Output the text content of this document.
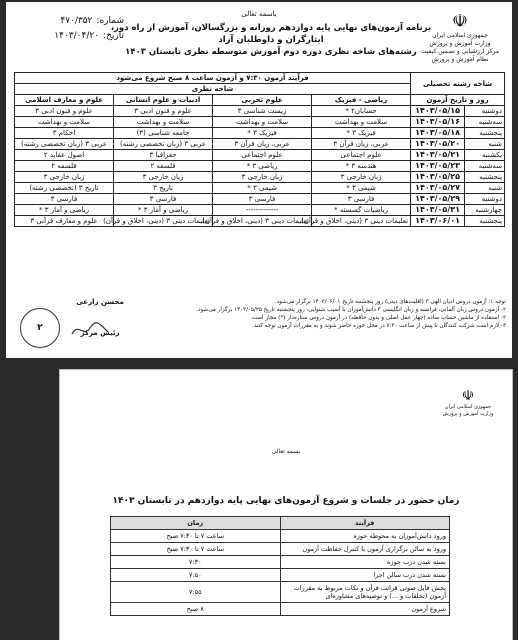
باسمه تعالی	☫
جمهوری اسلامی ایران
وزارت آموزش و پرورش
مرکز ارزشیابی و تضمین کیفیت نظام آموزش و پرورش
شماره:
۴۷۰/۳۵۲
تاریخ:
۱۴۰۳/۰۴/۲۰
برنامه آزمون‌های نهایی پایه دوازدهم روزانه و بزرگسالان، آموزش از راه دور، ایثارگران و داوطلبان آزاد
رشته‌های شاخه نظری دوره دوم آموزش متوسطه نظری تابستان ۱۴۰۳
شاخه رشته تحصیلی		فرآیند آزمون ۷:۳۰ و آزمون ساعت ۸ صبح شروع می‌شود			
		شاخه نظری			
روز و تاریخ آزمون		ریاضی - فیزیک	علوم تجربی	ادبیات و علوم انسانی	علوم و معارف اسلامی
دوشنبه	۱۴۰۳/۰۵/۱۵	حسابان۲ *	زیست شناسی ۳	علوم و فنون ادبی ۳	علوم و فنون ادبی ۳
سه‌شنبه	۱۴۰۳/۰۵/۱۶	سلامت و بهداشت	سلامت و بهداشت	سلامت و بهداشت	سلامت و بهداشت
پنجشنبه	۱۴۰۳/۰۵/۱۸	فیزیک ۳ *	فیزیک ۳ *	جامعه شناسی (۳)	احکام ۳
شنبه	۱۴۰۳/۰۵/۲۰	عربی، زبان قرآن ۳	عربی، زبان قرآن ۳	عربی ۳ (زبان تخصصی رشته)	عربی ۳ (زبان تخصصی رشته)
یکشنبه	۱۴۰۳/۰۵/۲۱	علوم اجتماعی	علوم اجتماعی	جغرافیا ۳	اصول عقاید ۲
سه‌شنبه	۱۴۰۳/۰۵/۲۳	هندسه ۳ *	ریاضی ۳ *	فلسفه ۲	فلسفه ۲
پنجشنبه	۱۴۰۳/۰۵/۲۵	زبان خارجی ۳	زبان خارجی ۳	زبان خارجی ۳	زبان خارجی ۳
شنبه	۱۴۰۳/۰۵/۲۷	شیمی ۳ *	شیمی ۳ *	تاریخ ۳	تاریخ ۳ (تخصصی رشته)
دوشنبه	۱۴۰۳/۰۵/۲۹	فارسی ۳	فارسی ۳	فارسی ۳	فارسی ۳
چهارشنبه	۱۴۰۳/۰۵/۳۱	ریاضیات گسسته *	-------------	ریاضی و آمار ۳ *	ریاضی و آمار ۳ *
پنجشنبه	۱۴۰۳/۰۶/۰۱	تعلیمات دینی ۳ (دینی، اخلاق و قرآن)	تعلیمات دینی ۳ (دینی، اخلاق و قرآن)	تعلیمات دینی ۳ (دینی، اخلاق و قرآن)	علوم و معارف قرآنی ۳
توجه ۱: آزمون دروس ادیان الهی ۳ (اقلیت‌های دینی) روز پنجشنبه تاریخ ۱۴۰۳/۰۶/۰۱ برگزار می‌شود.
۲- آزمون دروس زبان آلمانی، فرانسه و زبان انگلیسی ۳ دانش‌آموزان با آسیب شنوایی، روز پنجشنبه تاریخ ۱۴۰۳/۰۵/۲۵ برگزار می‌شود.
۳- استفاده از ماشین حساب ساده (چهار عمل اصلی و بدون حافظه) در آزمون دروس ستاره‌دار (*) مجاز است.
۴- لازم است شرکت کنندگان تا پیش از ساعت ۷:۳۰ در محل حوزه حاضر شوند و به مقررات آزمون توجه کنند.
محسن زارعی
رئیس مرکز
۲
☫
جمهوری اسلامی ایران وزارت آموزش و پرورش
بسمه تعالی
زمان حضور در جلسات و شروع آزمون‌های نهایی پایه دوازدهم در تابستان ۱۴۰۳
فرآیند	زمان
ورود دانش‌آموزان به محوطه حوزه	ساعت ۷ تا ۷:۳۰ صبح
ورود به سالن برگزاری آزمون با کنترل حفاظت آزمون	ساعت ۷ تا ۷:۳۰ صبح
بسته شدن درب حوزه	۷:۳۰
بسته شدن درب سالن اجرا	۷:۵۰
پخش فایل صوتی قرائت قرآن و نکات مربوط به مقررات آزمون (تخلفات و ...) و توصیه‌های مشاوره‌ای	۷:۵۵
شروع آزمون	۸ صبح
